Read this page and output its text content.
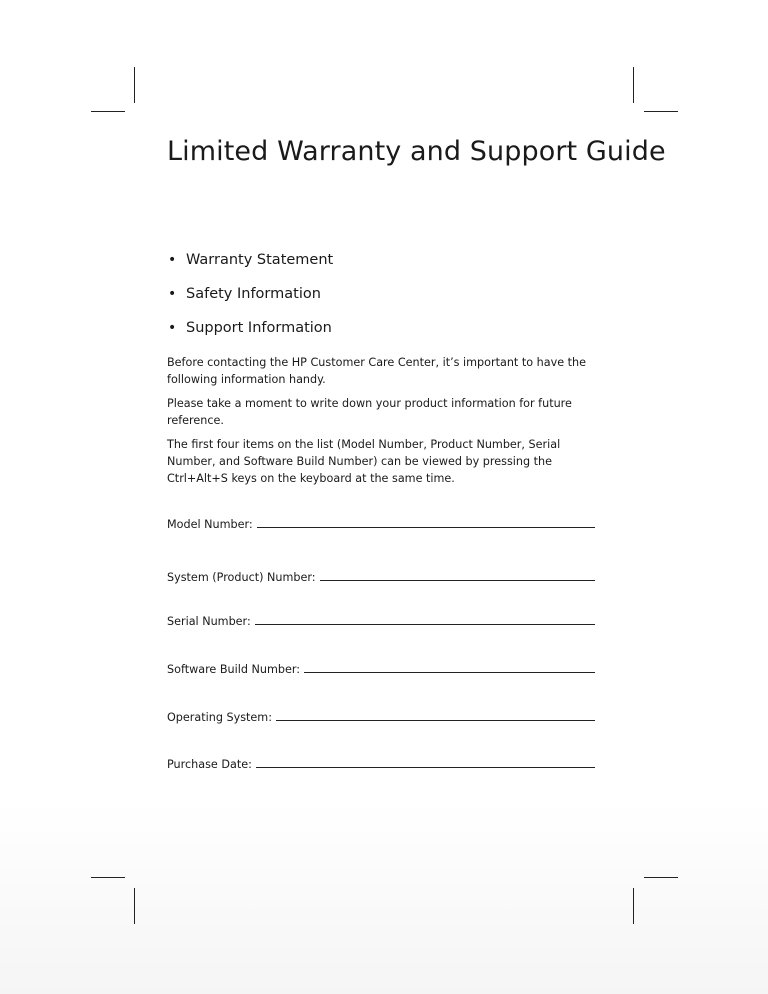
Limited Warranty and Support Guide
• Warranty Statement
• Safety Information
• Support Information

Before contacting the HP Customer Care Center, it’s important to have the following information handy.

Please take a moment to write down your product information for future reference.

The first four items on the list (Model Number, Product Number, Serial Number, and Software Build Number) can be viewed by pressing the Ctrl+Alt+S keys on the keyboard at the same time.

Model Number:
System (Product) Number:
Serial Number:
Software Build Number:
Operating System:
Purchase Date:
